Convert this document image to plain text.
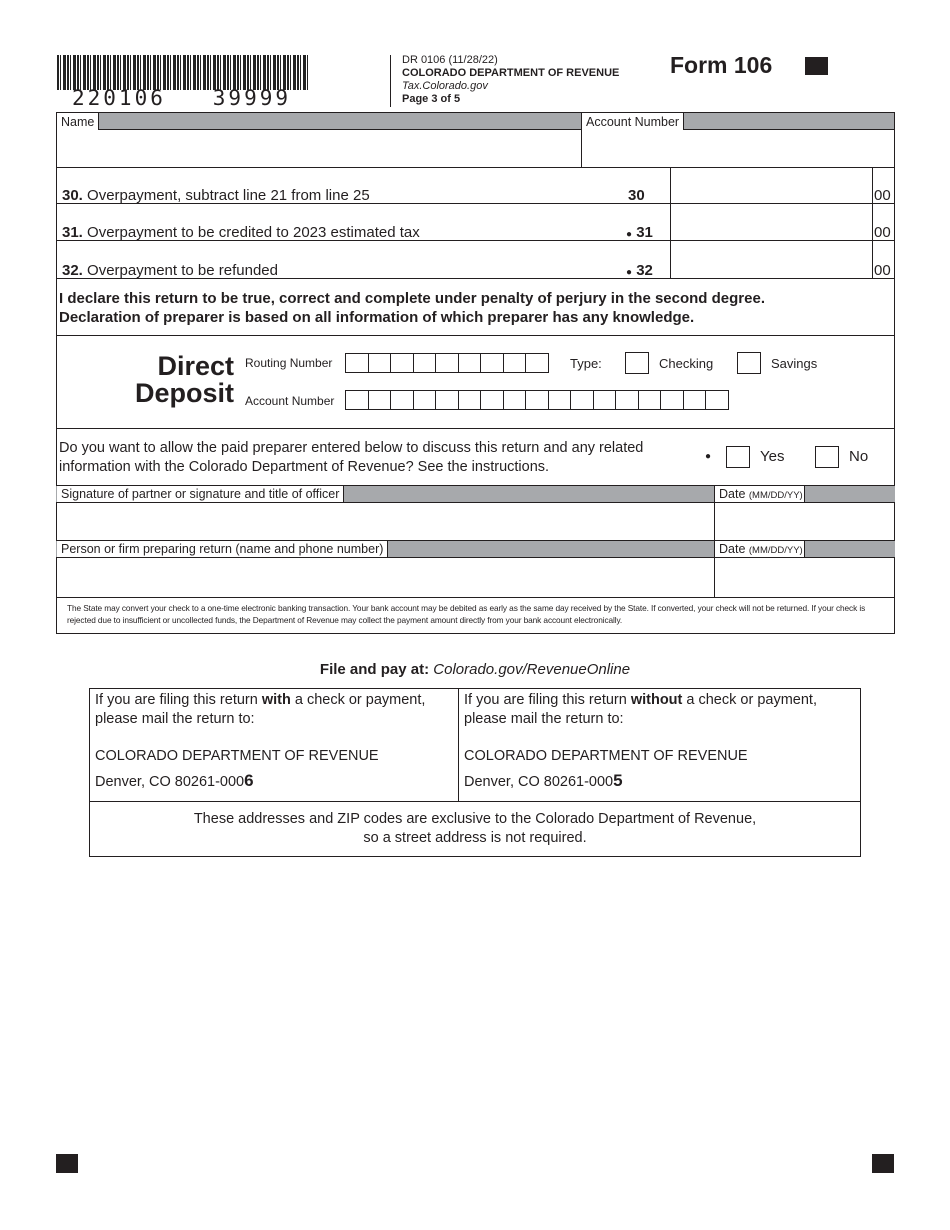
220106   39999
DR 0106 (11/28/22)
COLORADO DEPARTMENT OF REVENUE
Tax.Colorado.gov
Page 3 of 5
Form 106
Name	Account Number
30. Overpayment, subtract line 21 from line 25	30	00
31. Overpayment to be credited to 2023 estimated tax	● 31	00
32. Overpayment to be refunded	● 32	00
I declare this return to be true, correct and complete under penalty of perjury in the second degree.
Declaration of preparer is based on all information of which preparer has any knowledge.
Direct
Deposit
Routing Number
Account Number
Type:	Checking	Savings
Do you want to allow the paid preparer entered below to discuss this return and any related
information with the Colorado Department of Revenue? See the instructions.
●	Yes	No
Signature of partner or signature and title of officer	Date (MM/DD/YY)
Person or firm preparing return (name and phone number)	Date (MM/DD/YY)
The State may convert your check to a one-time electronic banking transaction. Your bank account may be debited as early as the same day received by the State. If converted, your check will not be returned. If your check is rejected due to insufficient or uncollected funds, the Department of Revenue may collect the payment amount directly from your bank account electronically.
File and pay at: Colorado.gov/RevenueOnline
If you are filing this return with a check or payment,
please mail the return to:
COLORADO DEPARTMENT OF REVENUE
Denver, CO 80261-0006
If you are filing this return without a check or payment,
please mail the return to:
COLORADO DEPARTMENT OF REVENUE
Denver, CO 80261-0005
These addresses and ZIP codes are exclusive to the Colorado Department of Revenue,
so a street address is not required.
